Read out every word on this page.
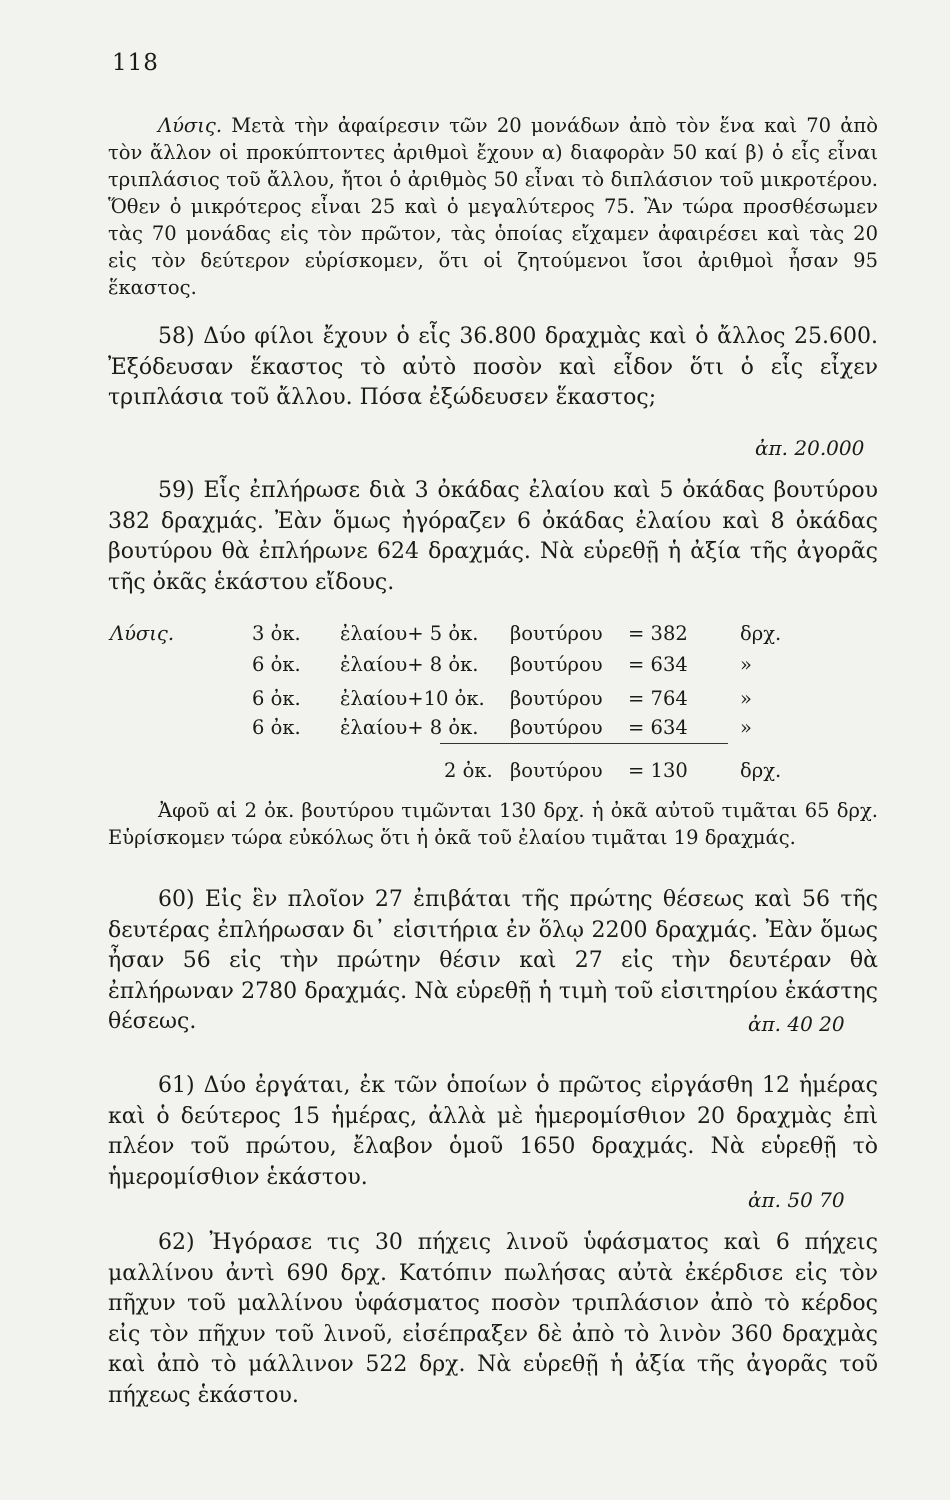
118
Λύσις. Μετὰ τὴν ἀφαίρεσιν τῶν 20 μονάδων ἀπὸ τὸν ἕνα καὶ 70 ἀπὸ τὸν ἄλλον οἱ προκύπτοντες ἀριθμοὶ ἔχουν α) διαφορὰν 50 καί β) ὁ εἷς εἶναι τριπλάσιος τοῦ ἄλλου, ἤτοι ὁ ἀριθμὸς 50 εἶναι τὸ διπλάσιον τοῦ μικροτέρου. Ὅθεν ὁ μικρότερος εἶναι 25 καὶ ὁ μεγαλύτερος 75. Ἂν τώρα προσθέσωμεν τὰς 70 μονάδας εἰς τὸν πρῶτον, τὰς ὁποίας εἴχαμεν ἀφαιρέσει καὶ τὰς 20 εἰς τὸν δεύτερον εὑρίσκομεν, ὅτι οἱ ζητούμενοι ἴσοι ἀριθμοὶ ἦσαν 95 ἕκαστος.
58) Δύο φίλοι ἔχουν ὁ εἷς 36.800 δραχμὰς καὶ ὁ ἄλλος 25.600. Ἐξόδευσαν ἕκαστος τὸ αὐτὸ ποσὸν καὶ εἶδον ὅτι ὁ εἷς εἶχεν τριπλάσια τοῦ ἄλλου. Πόσα ἐξώδευσεν ἕκαστος;
ἀπ. 20.000
59) Εἷς ἐπλήρωσε διὰ 3 ὀκάδας ἐλαίου καὶ 5 ὀκάδας βουτύρου 382 δραχμάς. Ἐὰν ὅμως ἠγόραζεν 6 ὀκάδας ἐλαίου καὶ 8 ὀκάδας βουτύρου θὰ ἐπλήρωνε 624 δραχμάς. Νὰ εὑρεθῇ ἡ ἀξία τῆς ἀγορᾶς τῆς ὀκᾶς ἑκάστου εἴδους.
Λύσις.	3 ὀκ. ἐλαίου+ 5 ὀκ. βουτύρου = 382	δρχ.
6 ὀκ. ἐλαίου+ 8 ὀκ. βουτύρου = 634	»
6 ὀκ. ἐλαίου+10 ὀκ. βουτύρου = 764	»
6 ὀκ. ἐλαίου+ 8 ὀκ. βουτύρου = 634	»
2 ὀκ. βουτύρου = 130	δρχ.
Ἀφοῦ αἱ 2 ὀκ. βουτύρου τιμῶνται 130 δρχ. ἡ ὀκᾶ αὐτοῦ τιμᾶται 65 δρχ. Εὑρίσκομεν τώρα εὐκόλως ὅτι ἡ ὀκᾶ τοῦ ἐλαίου τιμᾶται 19 δραχμάς.
60) Εἰς ἓν πλοῖον 27 ἐπιβάται τῆς πρώτης θέσεως καὶ 56 τῆς δευτέρας ἐπλήρωσαν δι᾽ εἰσιτήρια ἐν ὅλῳ 2200 δραχμάς. Ἐὰν ὅμως ἦσαν 56 εἰς τὴν πρώτην θέσιν καὶ 27 εἰς τὴν δευτέραν θὰ ἐπλήρωναν 2780 δραχμάς. Νὰ εὑρεθῇ ἡ τιμὴ τοῦ εἰσιτηρίου ἑκάστης θέσεως.	ἀπ. 40 20
61) Δύο ἐργάται, ἐκ τῶν ὁποίων ὁ πρῶτος εἰργάσθη 12 ἡμέρας καὶ ὁ δεύτερος 15 ἡμέρας, ἀλλὰ μὲ ἡμερομίσθιον 20 δραχμὰς ἐπὶ πλέον τοῦ πρώτου, ἔλαβον ὁμοῦ 1650 δραχμάς. Νὰ εὑρεθῇ τὸ ἡμερομίσθιον ἑκάστου.
ἀπ. 50 70
62) Ἠγόρασε τις 30 πήχεις λινοῦ ὑφάσματος καὶ 6 πήχεις μαλλίνου ἀντὶ 690 δρχ. Κατόπιν πωλήσας αὐτὰ ἐκέρδισε εἰς τὸν πῆχυν τοῦ μαλλίνου ὑφάσματος ποσὸν τριπλάσιον ἀπὸ τὸ κέρδος εἰς τὸν πῆχυν τοῦ λινοῦ, εἰσέπραξεν δὲ ἀπὸ τὸ λινὸν 360 δραχμὰς καὶ ἀπὸ τὸ μάλλινον 522 δρχ. Νὰ εὑρεθῇ ἡ ἀξία τῆς ἀγορᾶς τοῦ πήχεως ἑκάστου.
